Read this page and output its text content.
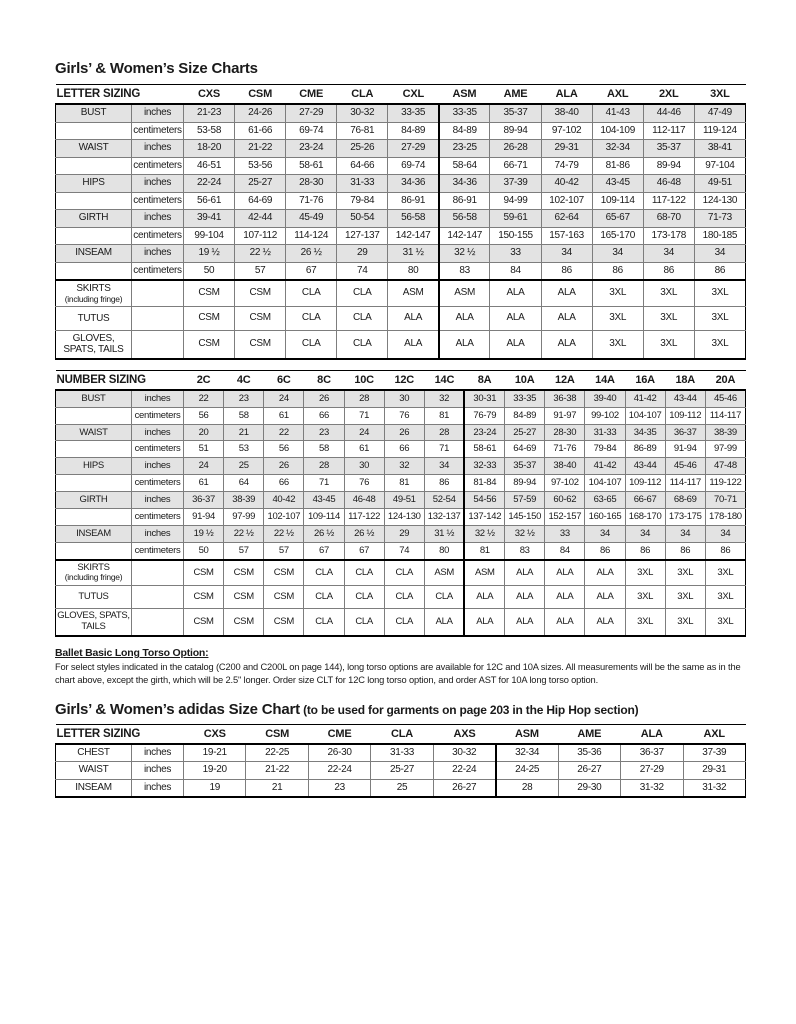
Girls’ & Women’s Size Charts
LETTER SIZING		CXS	CSM	CME	CLA	CXL	ASM	AME	ALA	AXL	2XL	3XL
BUST	inches	21-23	24-26	27-29	30-32	33-35	33-35	35-37	38-40	41-43	44-46	47-49
	centimeters	53-58	61-66	69-74	76-81	84-89	84-89	89-94	97-102	104-109	112-117	119-124
WAIST	inches	18-20	21-22	23-24	25-26	27-29	23-25	26-28	29-31	32-34	35-37	38-41
	centimeters	46-51	53-56	58-61	64-66	69-74	58-64	66-71	74-79	81-86	89-94	97-104
HIPS	inches	22-24	25-27	28-30	31-33	34-36	34-36	37-39	40-42	43-45	46-48	49-51
	centimeters	56-61	64-69	71-76	79-84	86-91	86-91	94-99	102-107	109-114	117-122	124-130
GIRTH	inches	39-41	42-44	45-49	50-54	56-58	56-58	59-61	62-64	65-67	68-70	71-73
	centimeters	99-104	107-112	114-124	127-137	142-147	142-147	150-155	157-163	165-170	173-178	180-185
INSEAM	inches	19 ½	22 ½	26 ½	29	31 ½	32 ½	33	34	34	34	34
	centimeters	50	57	67	74	80	83	84	86	86	86	86

SKIRTS
(including fringe)		CSM	CSM	CLA	CLA	ASM	ASM	ALA	ALA	3XL	3XL	3XL

TUTUS		CSM	CSM	CLA	CLA	ALA	ALA	ALA	ALA	3XL	3XL	3XL

GLOVES, SPATS, TAILS		CSM	CSM	CLA	CLA	ALA	ALA	ALA	ALA	3XL	3XL	3XL
NUMBER SIZING		2C	4C	6C	8C	10C	12C	14C	8A	10A	12A	14A	16A	18A	20A
BUST	inches	22	23	24	26	28	30	32	30-31	33-35	36-38	39-40	41-42	43-44	45-46
	centimeters	56	58	61	66	71	76	81	76-79	84-89	91-97	99-102	104-107	109-112	114-117
WAIST	inches	20	21	22	23	24	26	28	23-24	25-27	28-30	31-33	34-35	36-37	38-39
	centimeters	51	53	56	58	61	66	71	58-61	64-69	71-76	79-84	86-89	91-94	97-99
HIPS	inches	24	25	26	28	30	32	34	32-33	35-37	38-40	41-42	43-44	45-46	47-48
	centimeters	61	64	66	71	76	81	86	81-84	89-94	97-102	104-107	109-112	114-117	119-122
GIRTH	inches	36-37	38-39	40-42	43-45	46-48	49-51	52-54	54-56	57-59	60-62	63-65	66-67	68-69	70-71
	centimeters	91-94	97-99	102-107	109-114	117-122	124-130	132-137	137-142	145-150	152-157	160-165	168-170	173-175	178-180
INSEAM	inches	19 ½	22 ½	22 ½	26 ½	26 ½	29	31 ½	32 ½	32 ½	33	34	34	34	34
	centimeters	50	57	57	67	67	74	80	81	83	84	86	86	86	86

SKIRTS
(including fringe)		CSM	CSM	CSM	CLA	CLA	CLA	ASM	ASM	ALA	ALA	ALA	3XL	3XL	3XL

TUTUS		CSM	CSM	CSM	CLA	CLA	CLA	CLA	ALA	ALA	ALA	ALA	3XL	3XL	3XL

GLOVES, SPATS, TAILS		CSM	CSM	CSM	CLA	CLA	CLA	ALA	ALA	ALA	ALA	ALA	3XL	3XL	3XL
Ballet Basic Long Torso Option:
For select styles indicated in the catalog (C200 and C200L on page 144), long torso options are available for 12C and 10A sizes. All measurements will be the same as in the chart above, except the girth, which will be 2.5" longer. Order size CLT for 12C long torso option, and order AST for 10A long torso option.
Girls’ & Women’s adidas Size Chart (to be used for garments on page 203 in the Hip Hop section)
LETTER SIZING		CXS	CSM	CME	CLA	AXS	ASM	AME	ALA	AXL
CHEST	inches	19-21	22-25	26-30	31-33	30-32	32-34	35-36	36-37	37-39
WAIST	inches	19-20	21-22	22-24	25-27	22-24	24-25	26-27	27-29	29-31
INSEAM	inches	19	21	23	25	26-27	28	29-30	31-32	31-32
